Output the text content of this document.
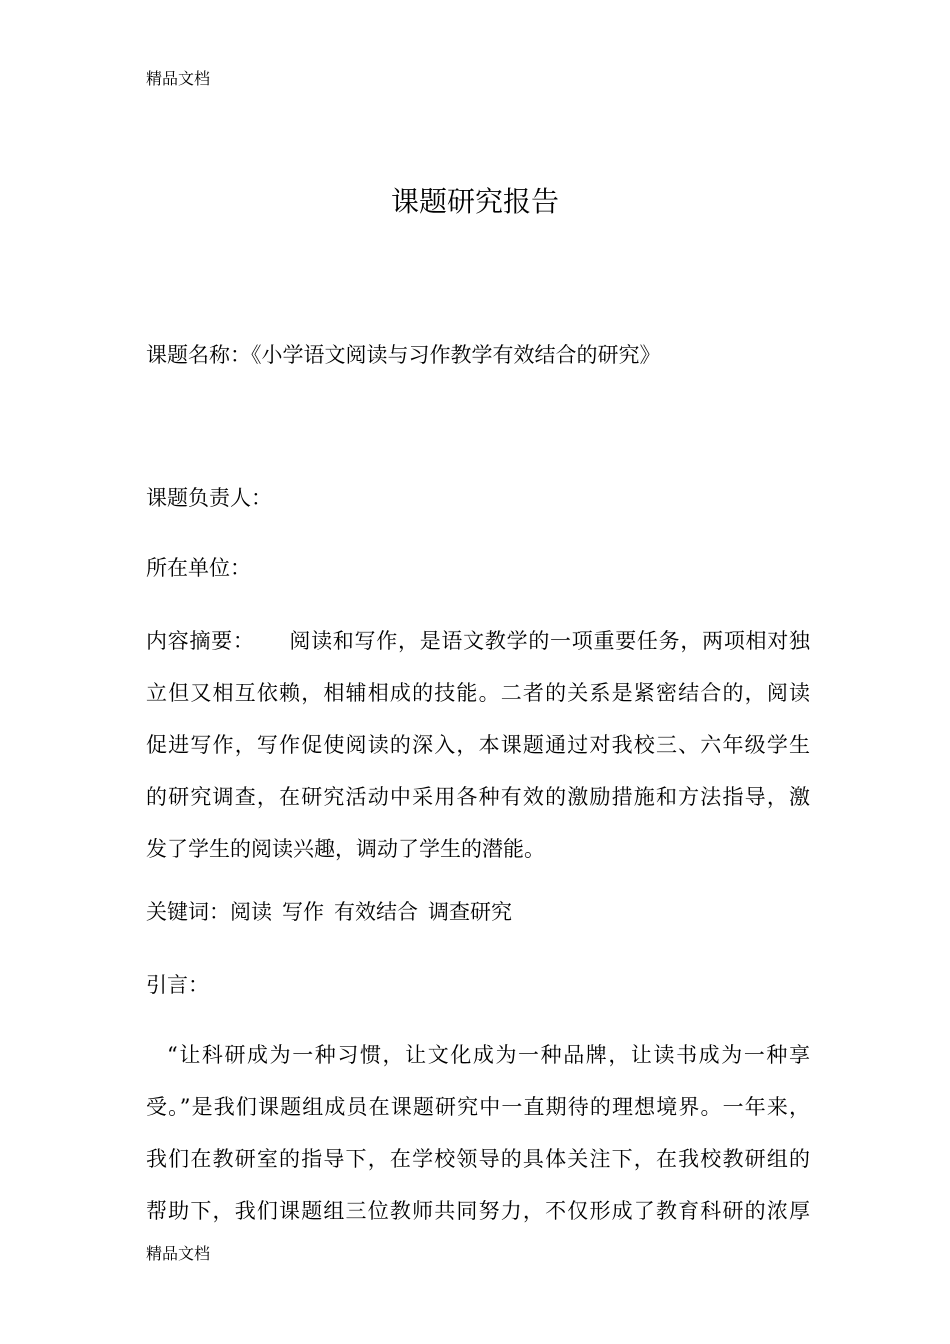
精品文档
课题研究报告
课题名称：《小学语文阅读与习作教学有效结合的研究》
课题负责人：
所在单位：
内容摘要： 阅读和写作，是语文教学的一项重要任务，两项相对独
立但又相互依赖，相辅相成的技能。二者的关系是紧密结合的，阅读
促进写作，写作促使阅读的深入，本课题通过对我校三、六年级学生
的研究调查，在研究活动中采用各种有效的激励措施和方法指导，激
发了学生的阅读兴趣，调动了学生的潜能。
关键词：阅读 写作 有效结合 调查研究
引言：
“让科研成为一种习惯，让文化成为一种品牌，让读书成为一种享
受。”是我们课题组成员在课题研究中一直期待的理想境界。一年来，
我们在教研室的指导下，在学校领导的具体关注下，在我校教研组的
帮助下，我们课题组三位教师共同努力，不仅形成了教育科研的浓厚
精品文档
